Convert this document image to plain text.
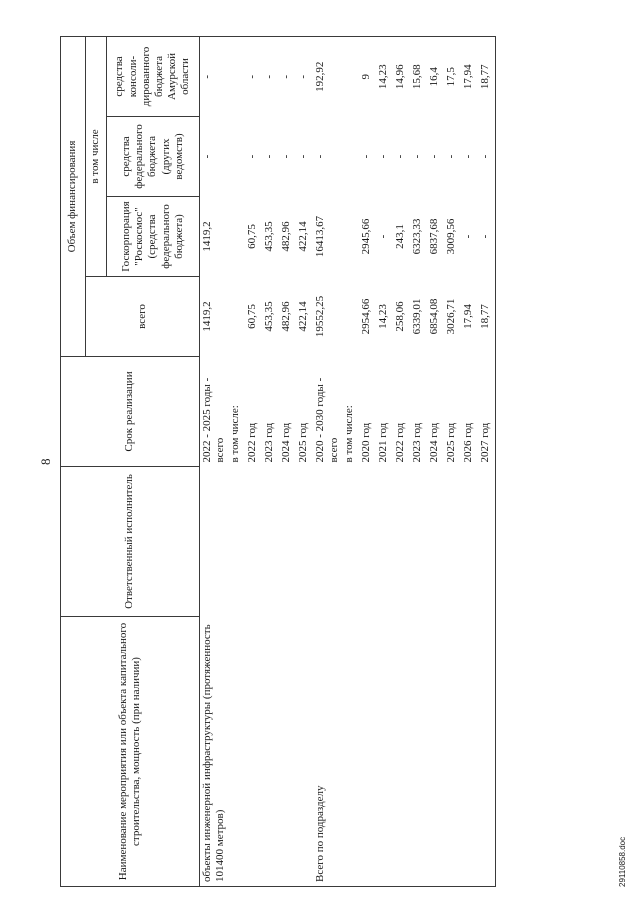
8
Наименование мероприятия или объекта капитального строительства, мощность (при наличии)	Ответственный исполнитель	Срок реализации	Объем финансирования			
			всего	в том числе		
				Госкорпорация "Роскосмос" (средства федерального бюджета)	средства федерального бюджета (других ведомств)	средства консолидированного бюджета Амурской области
объекты инженерной инфраструктуры (протяженность 101400 метров)		2022 - 2025 годы - всего	1419,2	1419,2	-	-
		в том числе:				
		2022 год	60,75	60,75	-	-
		2023 год	453,35	453,35	-	-
		2024 год	482,96	482,96	-	-
		2025 год	422,14	422,14	-	-
Всего по подразделу		2020 - 2030 годы - всего	19552,25	16413,67	-	192,92
		в том числе:				
		2020 год	2954,66	2945,66	-	9
		2021 год	14,23	-	-	14,23
		2022 год	258,06	243,1	-	14,96
		2023 год	6339,01	6323,33	-	15,68
		2024 год	6854,08	6837,68	-	16,4
		2025 год	3026,71	3009,56	-	17,5
		2026 год	17,94	-	-	17,94
		2027 год	18,77	-	-	18,77
29110858.doc
